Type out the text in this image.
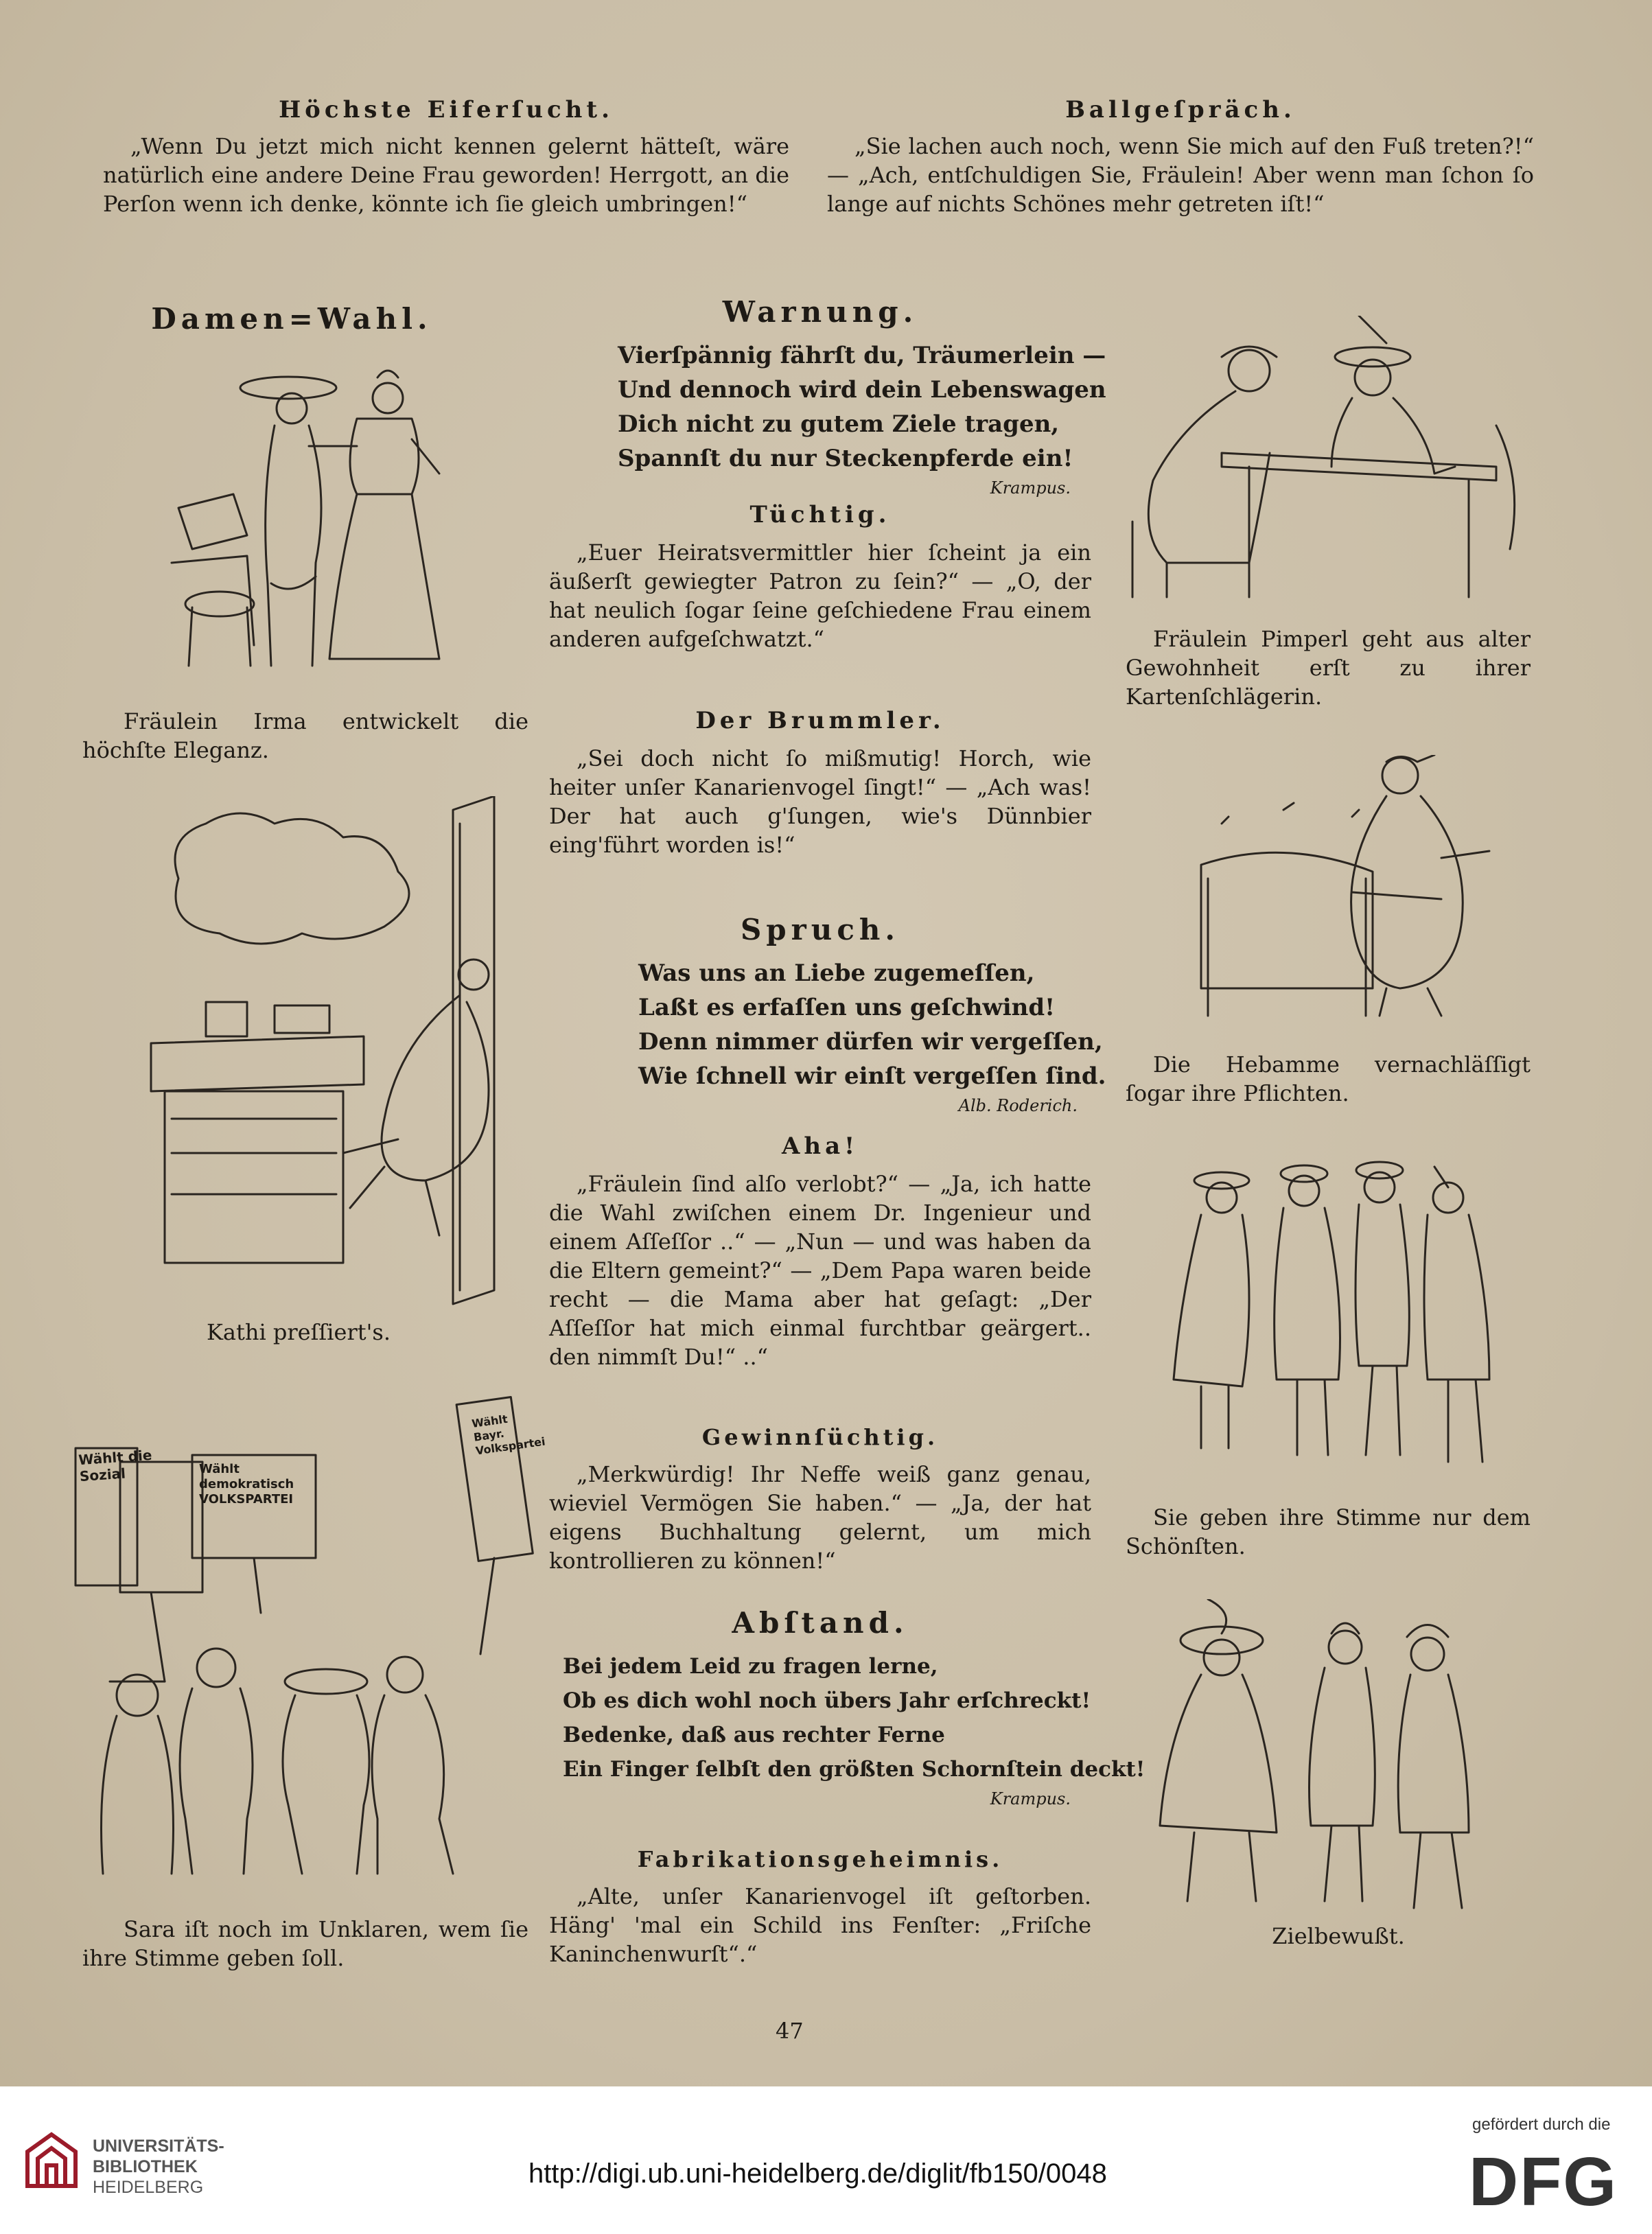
Höchste Eiferſucht.
„Wenn Du jetzt mich nicht kennen gelernt hätteſt, wäre natürlich eine andere Deine Frau geworden! Herrgott, an die Perſon wenn ich denke, könnte ich ſie gleich umbringen!“
Ballgeſpräch.
„Sie lachen auch noch, wenn Sie mich auf den Fuß treten?!“ — „Ach, entſchuldigen Sie, Fräulein! Aber wenn man ſchon ſo lange auf nichts Schönes mehr getreten iſt!“
Damen=Wahl.
Fräulein Irma entwickelt die höchſte Eleganz.
Kathi preſſiert's.
Wählt die Sozial	Wählt demokratisch VOLKSPARTEI
Wählt Bayr. Volkspartei
Sara iſt noch im Unklaren, wem ſie ihre Stimme geben ſoll.
Warnung.
Vierſpännig fährſt du, Träumerlein —
Und dennoch wird dein Lebenswagen
Dich nicht zu gutem Ziele tragen,
Spannſt du nur Steckenpferde ein!
Krampus.
Tüchtig.
„Euer Heiratsvermittler hier ſcheint ja ein äußerſt gewiegter Patron zu ſein?“ — „O, der hat neulich ſogar ſeine geſchiedene Frau einem anderen aufgeſchwatzt.“
Der Brummler.
„Sei doch nicht ſo mißmutig! Horch, wie heiter unſer Kanarienvogel ſingt!“ — „Ach was! Der hat auch g'ſungen, wie's Dünnbier eing'führt worden is!“
Spruch.
Was uns an Liebe zugemeſſen,
Laßt es erfaſſen uns geſchwind!
Denn nimmer dürfen wir vergeſſen,
Wie ſchnell wir einſt vergeſſen ſind.
Alb. Roderich.
Aha!
„Fräulein ſind alſo verlobt?“ — „Ja, ich hatte die Wahl zwiſchen einem Dr. Ingenieur und einem Aſſeſſor ..“ — „Nun — und was haben da die Eltern gemeint?“ — „Dem Papa waren beide recht — die Mama aber hat geſagt: „Der Aſſeſſor hat mich einmal furchtbar geärgert.. den nimmſt Du!“ ..“
Gewinnſüchtig.
„Merkwürdig! Ihr Neffe weiß ganz genau, wieviel Vermögen Sie haben.“ — „Ja, der hat eigens Buchhaltung gelernt, um mich kontrollieren zu können!“
Abſtand.
Bei jedem Leid zu fragen lerne,
Ob es dich wohl noch übers Jahr erſchreckt!
Bedenke, daß aus rechter Ferne
Ein Finger ſelbſt den größten Schornſtein deckt!
Krampus.
Fabrikationsgeheimnis.
„Alte, unſer Kanarienvogel iſt geſtorben. Häng' 'mal ein Schild ins Fenſter: „Friſche Kaninchenwurſt“.“
Fräulein Pimperl geht aus alter Gewohnheit erſt zu ihrer Kartenſchlägerin.
Die Hebamme vernachläſſigt ſogar ihre Pflichten.
Sie geben ihre Stimme nur dem Schönſten.
Zielbewußt.
47
UNIVERSITÄTS-
BIBLIOTHEK
HEIDELBERG	http://digi.ub.uni-heidelberg.de/diglit/fb150/0048
gefördert durch die
DFG
